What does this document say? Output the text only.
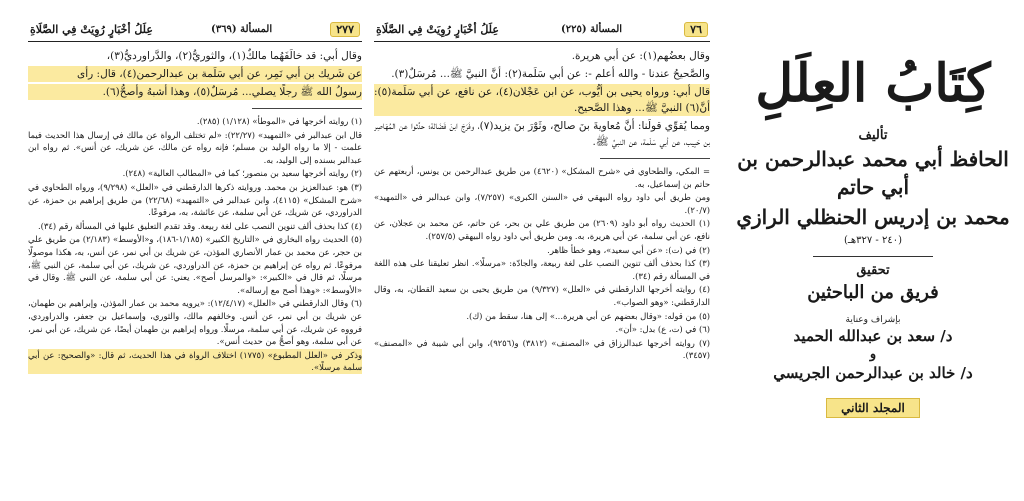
٢٧٧
المسألة (٣٦٩)
عِلَلُ أَخْبَارٍ رُوِيَتْ فِي الصَّلَاةِ

وقال أبي: قد خالَفَهُما مالكٌ(١)، والثوريُّ(٢)، والدَّراورديُّ(٣)،

عن شَريك بن أبي نَمِر، عن أبي سَلَمة بن عبدالرحمن(٤)، قال: رأى

رسولُ الله ﷺ رجلًا يصلي... مُرسَلٌ(٥)، وهذا أشبهُ وأصحُّ(٦).

(١) روايته أخرجها في «الموطأ» (١/١٢٨) (٢٨٥).

قال ابن عبدالبر في «التمهيد» (٢٢/٢٧): «لم تختلف الرواة عن مالك في إرسال هذا الحديث فيما علمت - إلا ما رواه الوليد بن مسلم؛ فإنه رواه عن مالك، عن شريك، عن أنس». ثم رواه ابن عبدالبر بسنده إلى الوليد، به.

(٢) روايته أخرجها سعيد بن منصور؛ كما في «المطالب العالية» (٢٤٨).

(٣) هو: عبدالعزيز بن محمد. وروايته ذكرها الدارقطني في «العلل» (٩/٢٩٨)، ورواه الطحاوي في «شرح المشكل» (٤١١٥)، وابن عبدالبر في «التمهيد» (٢٢/٦٨) من طريق إبراهيم بن حمزة، عن الدراوردي، عن شريك، عن أبي سلمة، عن عائشة، به، مرفوعًا.

(٤) كذا بحذف ألف تنوين النصب على لغة ربيعة. وقد تقدم التعليق عليها في المسألة رقم (٣٤).

(٥) الحديث رواه البخاري في «التاريخ الكبير» (١/١٨٥-١٨٦)، و«الأوسط» (٢/١٨٣) من طريق علي بن حجر، عن محمد بن عمار الأنصاري المؤذن، عن شريك بن أبي نمر، عن أنس، به، هكذا موصولًا مرفوعًا. ثم رواه عن إبراهيم بن حمزة، عن الدراوردي، عن شريك، عن أبي سلمة، عن النبي ﷺ، مرسلًا، ثم قال في «الكبير»: «والمرسل أصح». يعني: عن أبي سلمة، عن النبي ﷺ. وقال في «الأوسط»: «وهذا أصح مع إرساله».

(٦) وقال الدارقطني في «العلل» (١٢/٤/١٧): «يرويه محمد بن عمار المؤذن، وإبراهيم بن طهمان، عن شريك بن أبي نمر، عن أنس. وخالفهم مالك، والثوري، وإسماعيل بن جعفر، والدراوردي، فرووه عن شريك، عن أبي سلمة، مرسلًا. ورواه إبراهيم بن طهمان أيضًا، عن شريك، عن أبي نمر، عن أبي سلمة، وهو أصحُّ من حديث أنس».

وذكر في «العلل المطبوع» (١٧٧٥) اختلاف الرواة في هذا الحديث، ثم قال: «والصحيح: عن أبي سلمة مرسلًا».

٧٦
المسألة (٢٢٥)
عِلَلُ أَخْبَارٍ رُوِيَتْ فِي الصَّلَاةِ

وقال بعضُهم(١): عن أبي هريرة.

والصَّحيحُ عندنا - والله أعلم -: عن أبي سَلَمة(٢): أنَّ النبيَّ ﷺ... مُرسَلٌ(٣).

قال أبي: ورواه يحيى بن أيُّوب، عن ابن عَجْلان(٤)، عن نافع، عن أبي سَلَمة(٥): أنَّ(٦) النبيَّ ﷺ... وهذا الصَّحيح.

ومما يُقوِّي قولَنا: أنَّ مُعاويةَ بنَ صالح، وثَوْرَ بنَ يزيد(٧)، وفَرَجَ ابنَ فَضَالة؛ حدَّثوا عن المُهَاصِر بن حَبِيب، عن أبي سَلَمة، عن النبيِّ ﷺ.

= المكي، والطحاوي في «شرح المشكل» (٤٦٢٠) من طريق عبدالرحمن بن يونس، أربعتهم عن حاتم بن إسماعيل، به.

ومن طريق أبي داود رواه البيهقي في «السنن الكبرى» (٧/٢٥٧)، وابن عبدالبر في «التمهيد» (٢٠/٧).

(١) الحديث رواه أبو داود (٢٦٠٩) من طريق علي بن بحر، عن حاتم، عن محمد بن عجلان، عن نافع، عن أبي سلمة، عن أبي هريرة، به. ومن طريق أبي داود رواه البيهقي (٢٥٧/٥).

(٢) في (ت): «عن أبي سعيد»، وهو خطأ ظاهر.

(٣) كذا بحذف ألف تنوين النصب على لغة ربيعة، والجادّة: «مرسلًا». انظر تعليقنا على هذه اللغة في المسألة رقم (٣٤).

(٤) روايته أخرجها الدارقطني في «العلل» (٩/٣٢٧) من طريق يحيى بن سعيد القطان، به، وقال الدارقطني: «وهو الصواب».

(٥) من قوله: «وقال بعضهم عن أبي هريرة...» إلى هنا، سقط من (ك).

(٦) في (ت، ع) بدل: «أن».

(٧) روايته أخرجها عبدالرزاق في «المصنف» (٣٨١٢) و(٩٢٥٦)، وابن أبي شيبة في «المصنف» (٣٤٥٧).

كِتَابُ العِلَلِ
تأليف
الحافظ أبي محمد عبدالرحمن بن أبي حاتم
محمد بن إدريس الحنظلي الرازي
(٢٤٠ - ٣٢٧هـ)
تحقيق
فريق من الباحثين
بإشراف وعناية
د/ سعد بن عبدالله الحميد
و
د/ خالد بن عبدالرحمن الجريسي
المجلد الثاني
